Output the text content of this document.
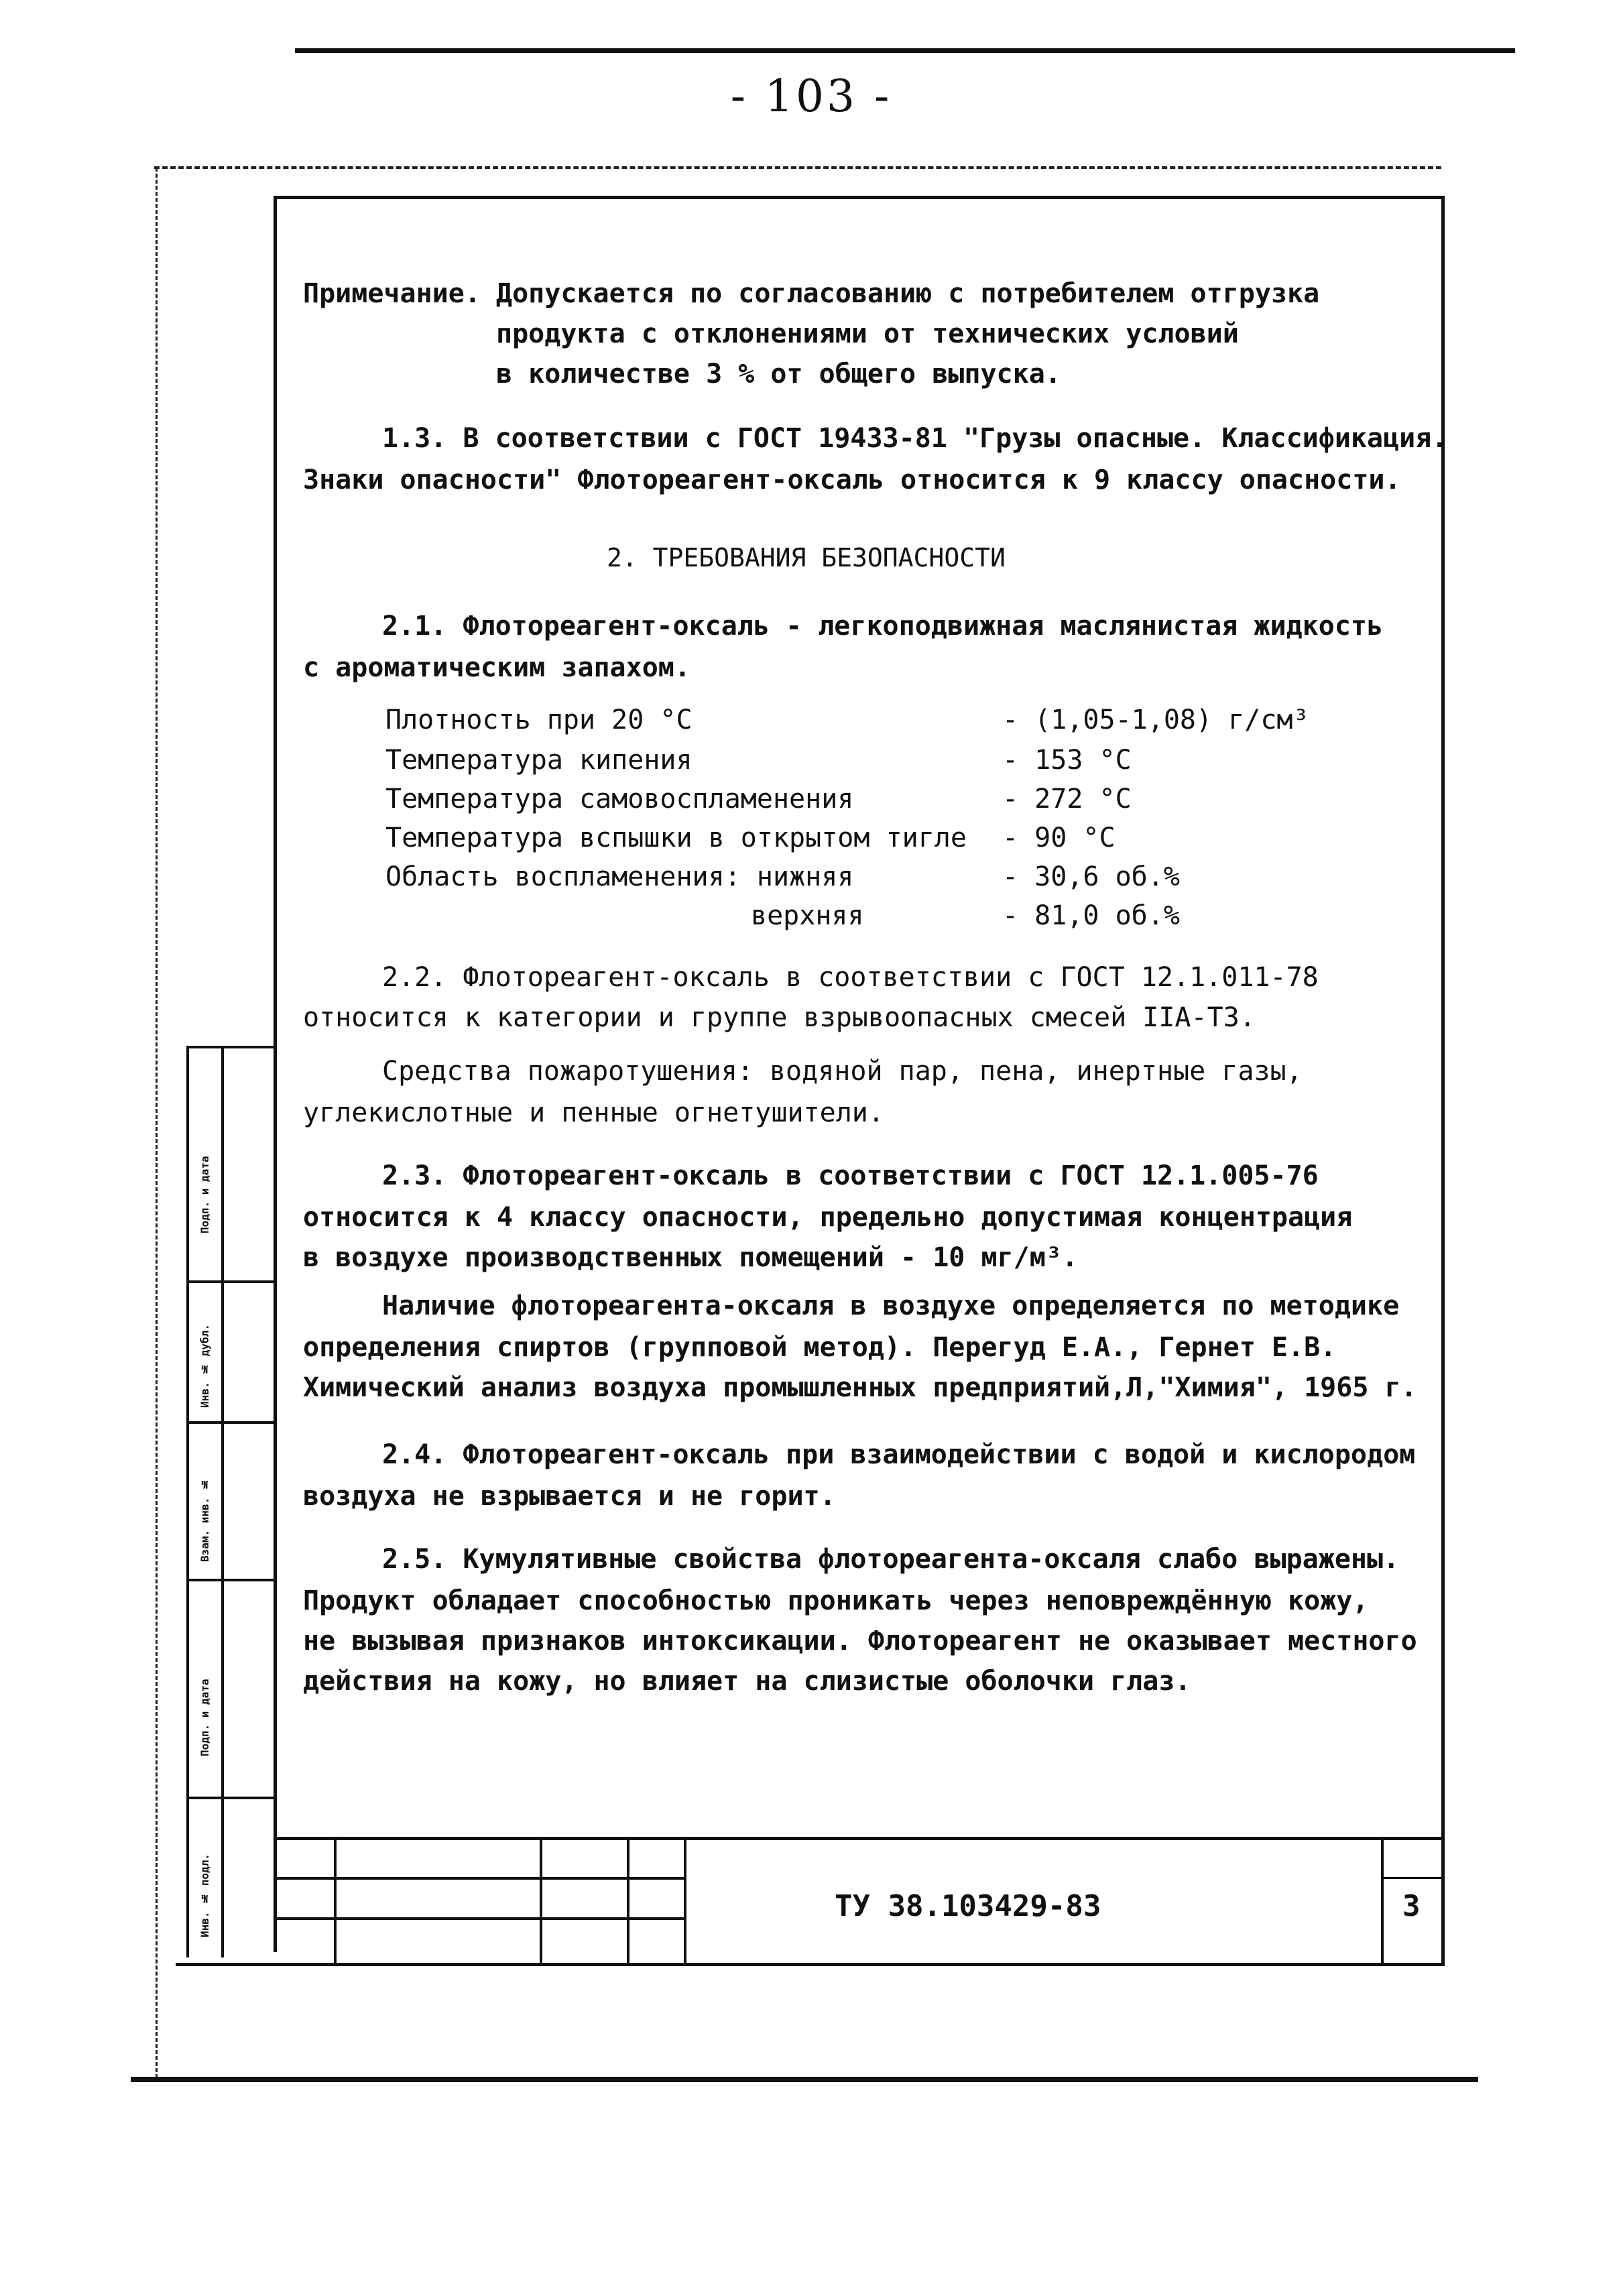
- 103 -
Подп. и дата
Инв. № дубл.
Взам. инв. №
Подп. и дата
Инв. № подл.
Примечание. Допускается по согласованию с потребителем отгрузка
продукта с отклонениями от технических условий
в количестве 3 % от общего выпуска.
1.3. В соответствии с ГОСТ 19433-81 "Грузы опасные. Классификация.
Знаки опасности" Флотореагент-оксаль относится к 9 классу опасности.
2. ТРЕБОВАНИЯ БЕЗОПАСНОСТИ
2.1. Флотореагент-оксаль - легкоподвижная маслянистая жидкость
с ароматическим запахом.
Плотность при 20 °С	- (1,05-1,08) г/см³
Температура кипения	- 153 °С
Температура самовоспламенения	- 272 °С
Температура вспышки в открытом тигле - 90 °С
Область воспламенения: нижняя	- 30,6 об.%
верхняя	- 81,0 об.%
2.2. Флотореагент-оксаль в соответствии с ГОСТ 12.1.011-78
относится к категории и группе взрывоопасных смесей IIА-Т3.
Средства пожаротушения: водяной пар, пена, инертные газы,
углекислотные и пенные огнетушители.
2.3. Флотореагент-оксаль в соответствии с ГОСТ 12.1.005-76
относится к 4 классу опасности, предельно допустимая концентрация
в воздухе производственных помещений - 10 мг/м³.
Наличие флотореагента-оксаля в воздухе определяется по методике
определения спиртов (групповой метод). Перегуд Е.А., Гернет Е.В.
Химический анализ воздуха промышленных предприятий,Л,"Химия", 1965 г.
2.4. Флотореагент-оксаль при взаимодействии с водой и кислородом
воздуха не взрывается и не горит.
2.5. Кумулятивные свойства флотореагента-оксаля слабо выражены.
Продукт обладает способностью проникать через неповреждённую кожу,
не вызывая признаков интоксикации. Флотореагент не оказывает местного
действия на кожу, но влияет на слизистые оболочки глаз.
ТУ 38.103429-83	3
